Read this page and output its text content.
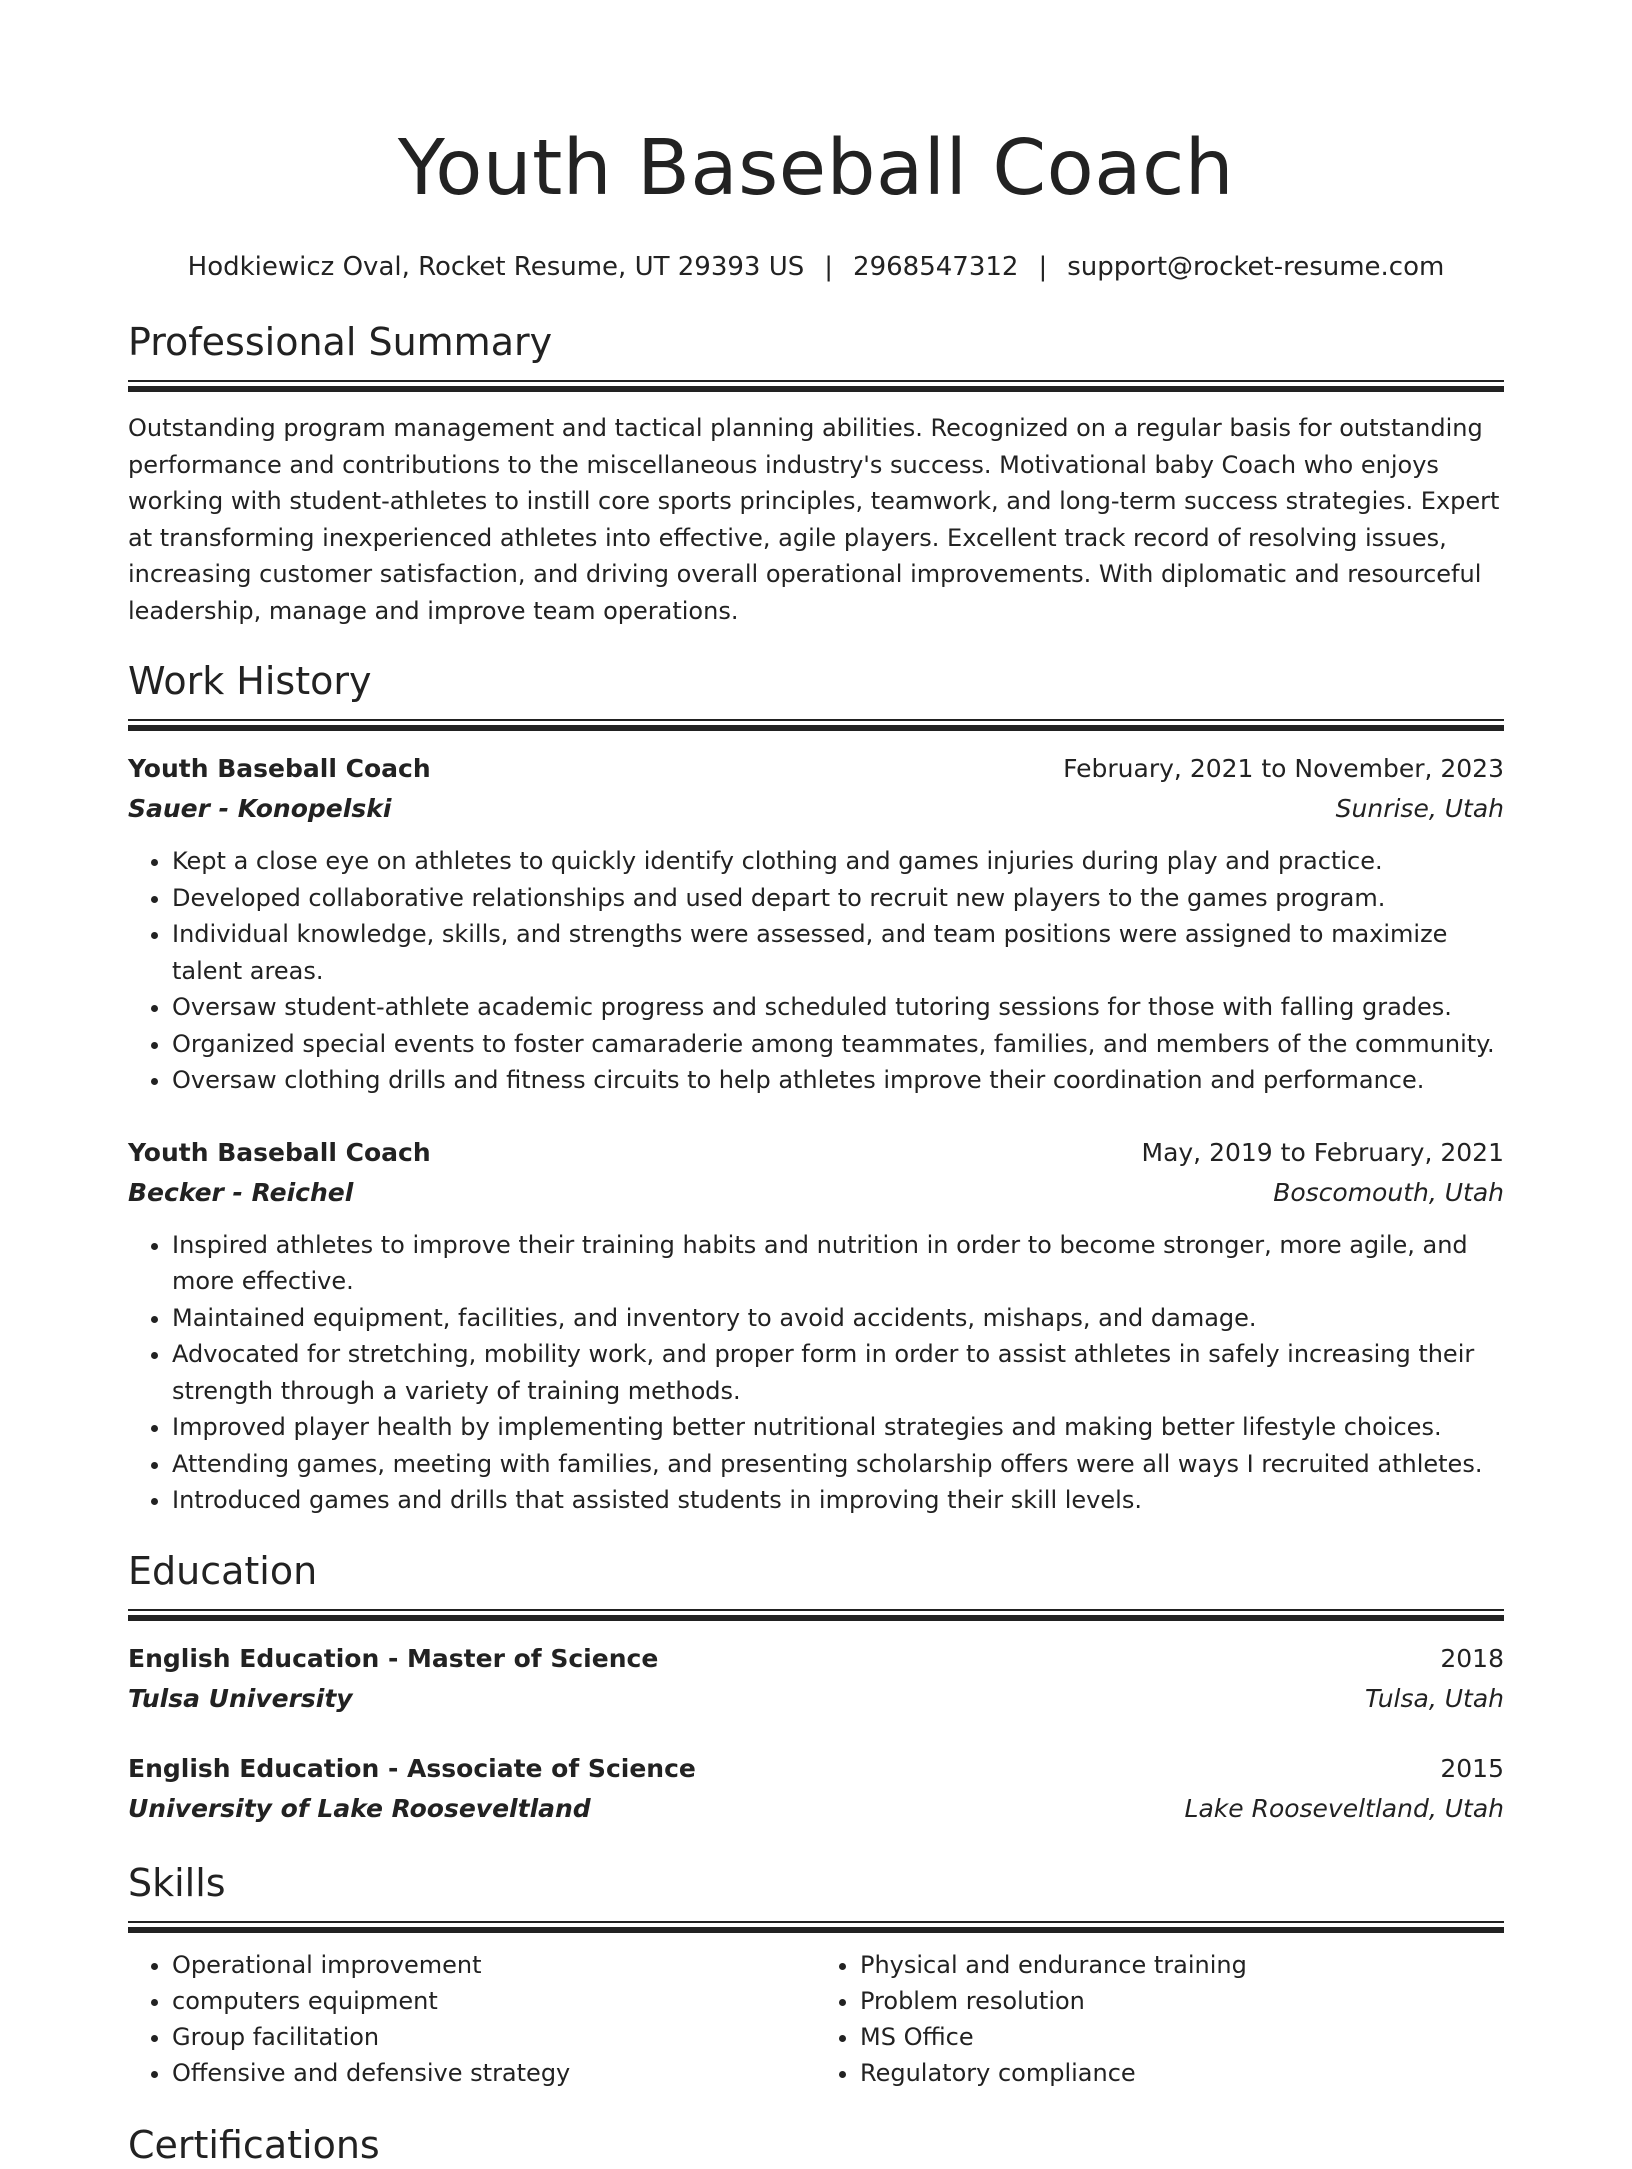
Youth Baseball Coach
Hodkiewicz Oval, Rocket Resume, UT 29393 US | 2968547312 | support@rocket-resume.com
Professional Summary

Outstanding program management and tactical planning abilities. Recognized on a regular basis for outstanding performance and contributions to the miscellaneous industry's success. Motivational baby Coach who enjoys working with student-athletes to instill core sports principles, teamwork, and long-term success strategies. Expert at transforming inexperienced athletes into effective, agile players. Excellent track record of resolving issues, increasing customer satisfaction, and driving overall operational improvements. With diplomatic and resourceful leadership, manage and improve team operations.

Work History
Youth Baseball Coach	February, 2021 to November, 2023
Sauer - Konopelski	Sunrise, Utah
• Kept a close eye on athletes to quickly identify clothing and games injuries during play and practice.
• Developed collaborative relationships and used depart to recruit new players to the games program.
• Individual knowledge, skills, and strengths were assessed, and team positions were assigned to maximize talent areas.
• Oversaw student-athlete academic progress and scheduled tutoring sessions for those with falling grades.
• Organized special events to foster camaraderie among teammates, families, and members of the community.
• Oversaw clothing drills and fitness circuits to help athletes improve their coordination and performance.
Youth Baseball Coach	May, 2019 to February, 2021
Becker - Reichel	Boscomouth, Utah
• Inspired athletes to improve their training habits and nutrition in order to become stronger, more agile, and more effective.
• Maintained equipment, facilities, and inventory to avoid accidents, mishaps, and damage.
• Advocated for stretching, mobility work, and proper form in order to assist athletes in safely increasing their strength through a variety of training methods.
• Improved player health by implementing better nutritional strategies and making better lifestyle choices.
• Attending games, meeting with families, and presenting scholarship offers were all ways I recruited athletes.
• Introduced games and drills that assisted students in improving their skill levels.
Education
English Education - Master of Science	2018
Tulsa University	Tulsa, Utah
English Education - Associate of Science	2015
University of Lake Rooseveltland	Lake Rooseveltland, Utah
Skills
• Operational improvement
• computers equipment
• Group facilitation
• Offensive and defensive strategy
• Physical and endurance training
• Problem resolution
• MS Office
• Regulatory compliance
Certifications
